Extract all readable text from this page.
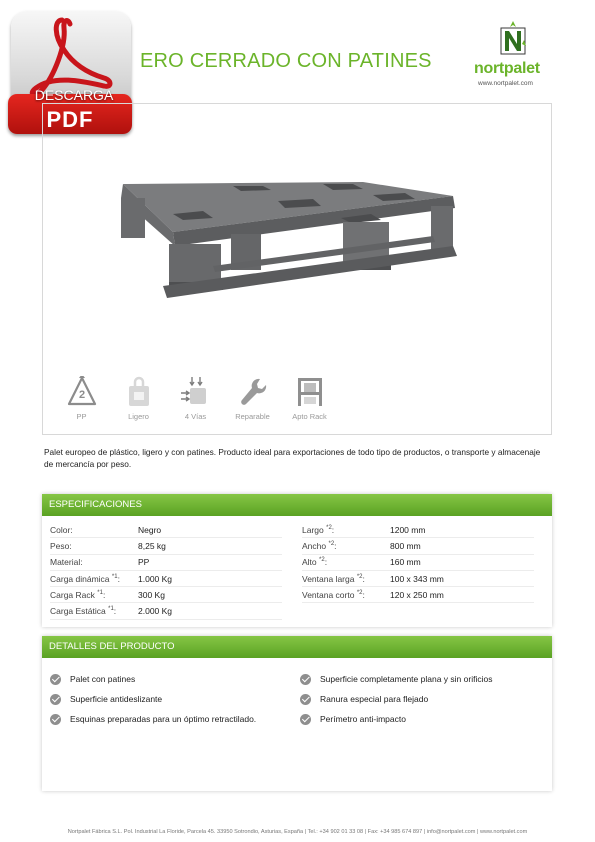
ERO CERRADO CON PATINES
DESCARGA
PDF
nortpalet
www.nortpalet.com
2
PP	Ligero	4 Vías	Reparable	Apto Rack
Palet europeo de plástico, ligero y con patines. Producto ideal para exportaciones de todo tipo de productos, o transporte y almacenaje de mercancía por peso.
ESPECIFICACIONES
Color:	Negro
Peso:	8,25 kg
Material:	PP
Carga dinámica $^{*1}$:	1.000 Kg
Carga Rack $^{*1}$:	300 Kg
Carga Estática $^{*1}$:	2.000 Kg
Largo $^{*2}$:	1200 mm
Ancho $^{*2}$:	800 mm
Alto $^{*2}$:	160 mm
Ventana larga $^{*2}$:	100 x 343 mm
Ventana corto $^{*2}$:	120 x 250 mm
DETALLES DEL PRODUCTO
Palet con patines
Superficie antideslizante
Esquinas preparadas para un óptimo retractilado.
Superficie completamente plana y sin orificios
Ranura especial para flejado
Perímetro anti-impacto
Nortpalet Fábrica S.L. Pol. Industrial La Floride, Parcela 45. 33950 Sotrondio, Asturias, España | Tel.: +34 902 01 33 08 | Fax: +34 985 674 897 | info@nortpalet.com | www.nortpalet.com
